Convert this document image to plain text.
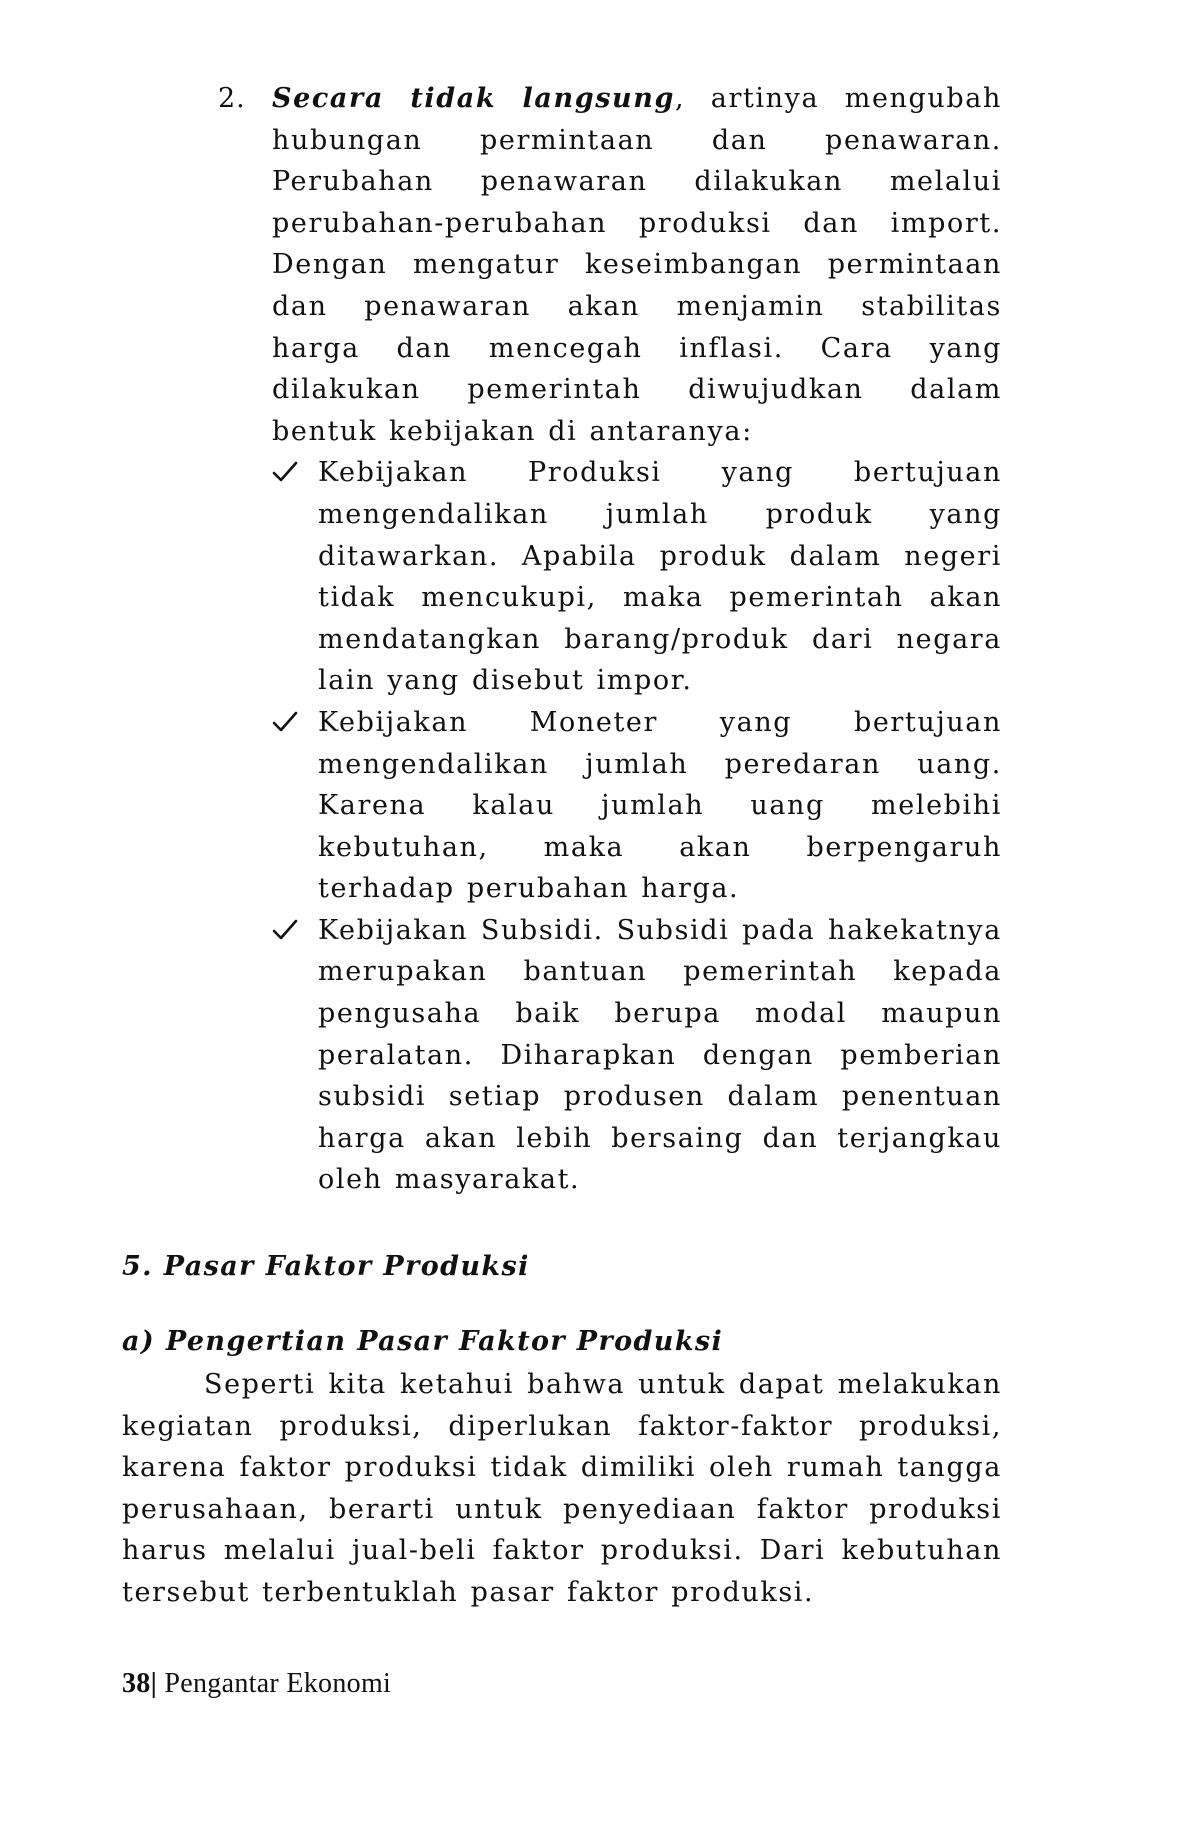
2. Secara tidak langsung, artinya mengubah hubungan permintaan dan penawaran. Perubahan penawaran dilakukan melalui perubahan-perubahan produksi dan import. Dengan mengatur keseimbangan permintaan dan penawaran akan menjamin stabilitas harga dan mencegah inflasi. Cara yang dilakukan pemerintah diwujudkan dalam bentuk kebijakan di antaranya:
Kebijakan Produksi yang bertujuan mengendalikan jumlah produk yang ditawarkan. Apabila produk dalam negeri tidak mencukupi, maka pemerintah akan mendatangkan barang/produk dari negara lain yang disebut impor.
Kebijakan Moneter yang bertujuan mengendalikan jumlah peredaran uang. Karena kalau jumlah uang melebihi kebutuhan, maka akan berpengaruh terhadap perubahan harga.
Kebijakan Subsidi. Subsidi pada hakekatnya merupakan bantuan pemerintah kepada pengusaha baik berupa modal maupun peralatan. Diharapkan dengan pemberian subsidi setiap produsen dalam penentuan harga akan lebih bersaing dan terjangkau oleh masyarakat.
5. Pasar Faktor Produksi
a) Pengertian Pasar Faktor Produksi

Seperti kita ketahui bahwa untuk dapat melakukan kegiatan produksi, diperlukan faktor-faktor produksi, karena faktor produksi tidak dimiliki oleh rumah tangga perusahaan, berarti untuk penyediaan faktor produksi harus melalui jual-beli faktor produksi. Dari kebutuhan tersebut terbentuklah pasar faktor produksi.

38| Pengantar Ekonomi
